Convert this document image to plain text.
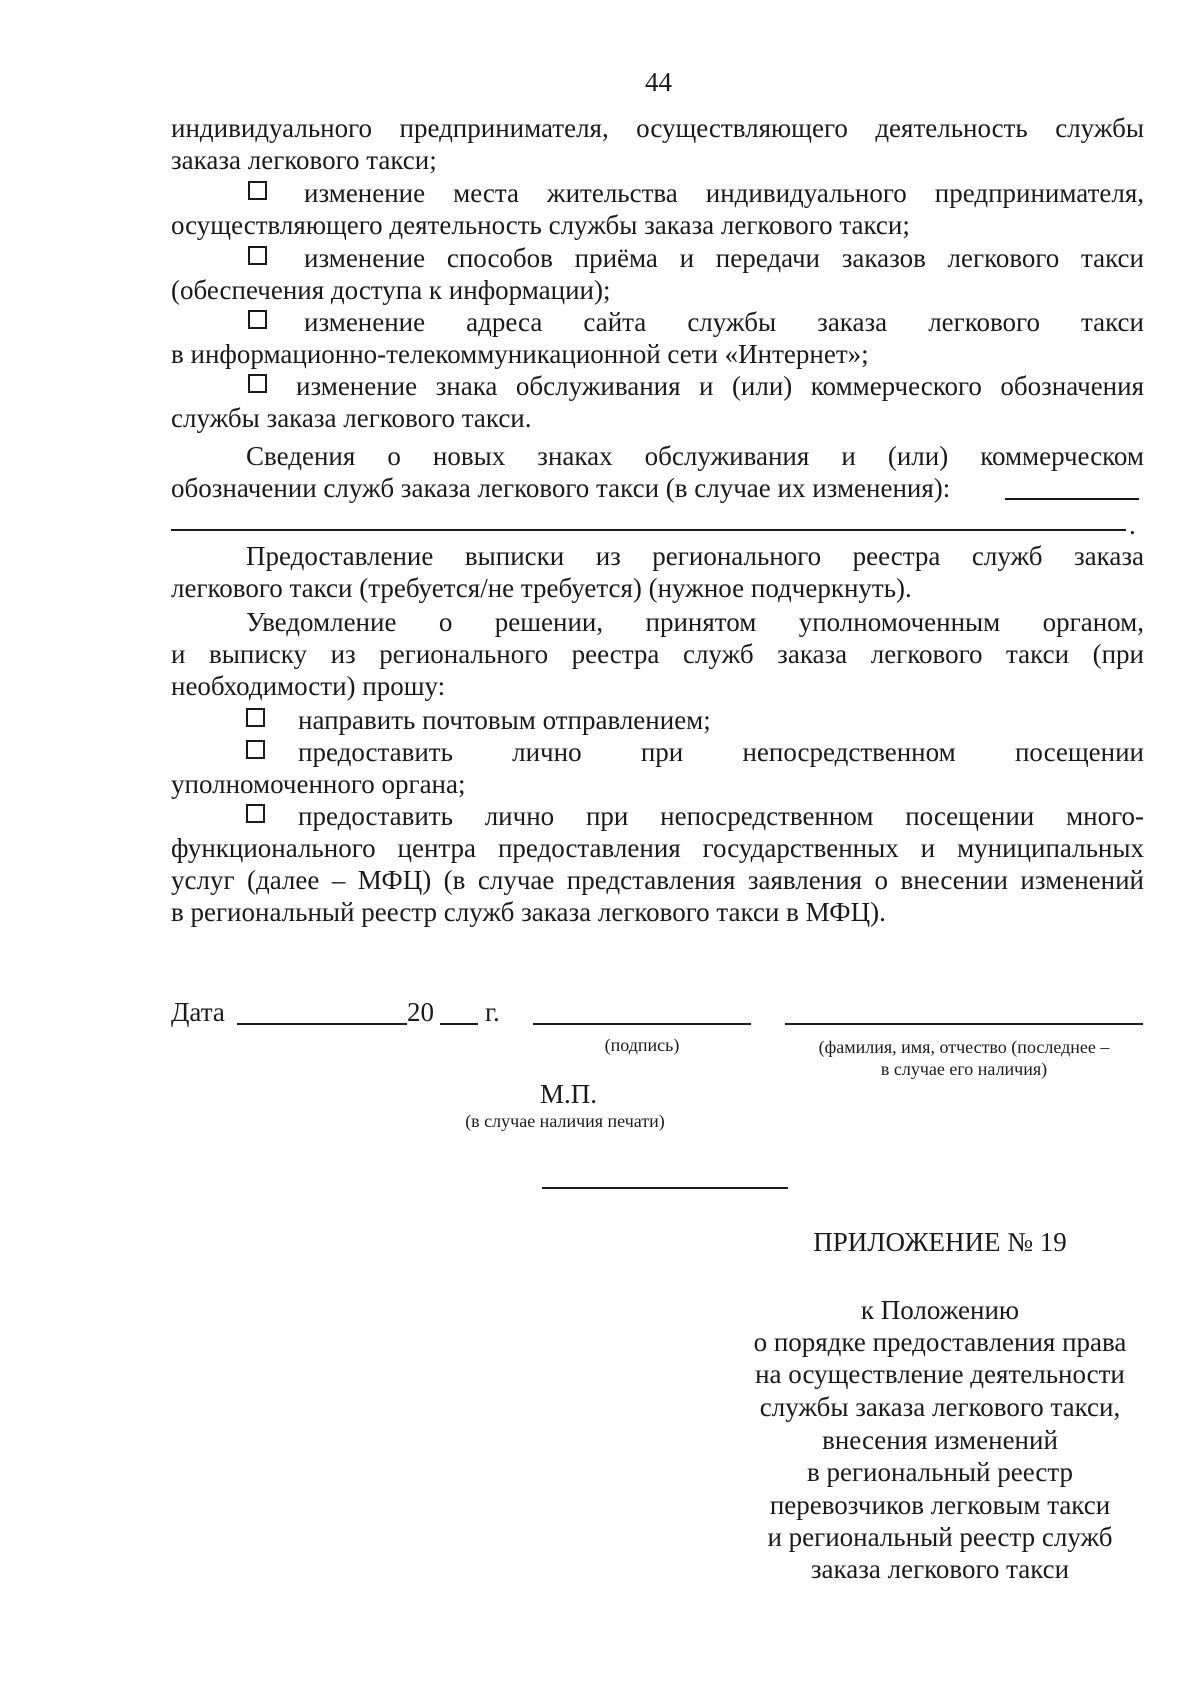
44
индивидуального предпринимателя, осуществляющего деятельность службы
заказа легкового такси;
изменение места жительства индивидуального предпринимателя,
осуществляющего деятельность службы заказа легкового такси;
изменение способов приёма и передачи заказов легкового такси
(обеспечения доступа к информации);
изменение адреса сайта службы заказа легкового такси
в информационно-телекоммуникационной сети «Интернет»;
изменение знака обслуживания и (или) коммерческого обозначения
службы заказа легкового такси.
Сведения о новых знаках обслуживания и (или) коммерческом
обозначении служб заказа легкового такси (в случае их изменения):
.
Предоставление выписки из регионального реестра служб заказа
легкового такси (требуется/не требуется) (нужное подчеркнуть).
Уведомление о решении, принятом уполномоченным органом,
и выписку из регионального реестра служб заказа легкового такси (при
необходимости) прошу:
направить почтовым отправлением;
предоставить лично при непосредственном посещении
уполномоченного органа;
предоставить лично при непосредственном посещении много-
функционального центра предоставления государственных и муниципальных
услуг (далее – МФЦ) (в случае представления заявления о внесении изменений
в региональный реестр служб заказа легкового такси в МФЦ).
Дата	20 г.
(подпись)	(фамилия, имя, отчество (последнее –
в случае его наличия)
М.П.
(в случае наличия печати)
ПРИЛОЖЕНИЕ № 19
к Положению
о порядке предоставления права
на осуществление деятельности
службы заказа легкового такси,
внесения изменений
в региональный реестр
перевозчиков легковым такси
и региональный реестр служб
заказа легкового такси
